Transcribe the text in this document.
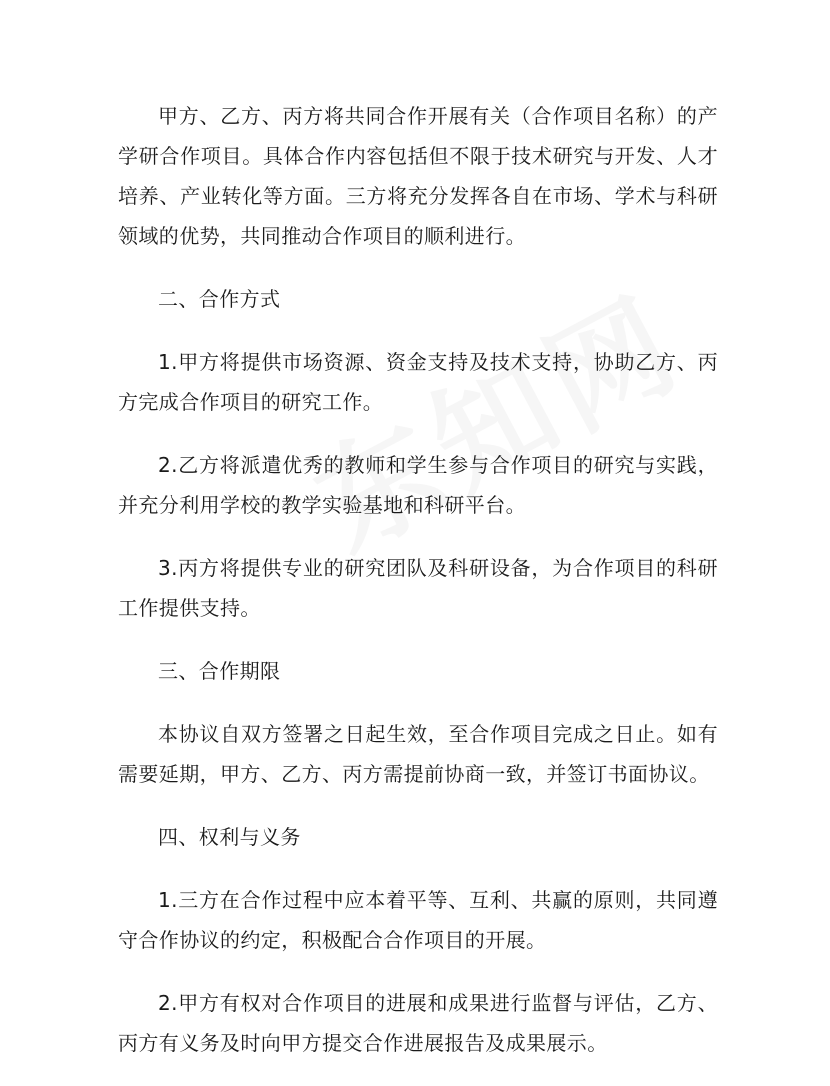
甲方、乙方、丙方将共同合作开展有关（合作项目名称）的产学研合作项目。具体合作内容包括但不限于技术研究与开发、人才培养、产业转化等方面。三方将充分发挥各自在市场、学术与科研领域的优势，共同推动合作项目的顺利进行。

二、合作方式

1.甲方将提供市场资源、资金支持及技术支持，协助乙方、丙方完成合作项目的研究工作。

2.乙方将派遣优秀的教师和学生参与合作项目的研究与实践，并充分利用学校的教学实验基地和科研平台。

3.丙方将提供专业的研究团队及科研设备，为合作项目的科研工作提供支持。

三、合作期限

本协议自双方签署之日起生效，至合作项目完成之日止。如有需要延期，甲方、乙方、丙方需提前协商一致，并签订书面协议。

四、权利与义务

1.三方在合作过程中应本着平等、互利、共赢的原则，共同遵守合作协议的约定，积极配合合作项目的开展。

2.甲方有权对合作项目的进展和成果进行监督与评估，乙方、丙方有义务及时向甲方提交合作进展报告及成果展示。
